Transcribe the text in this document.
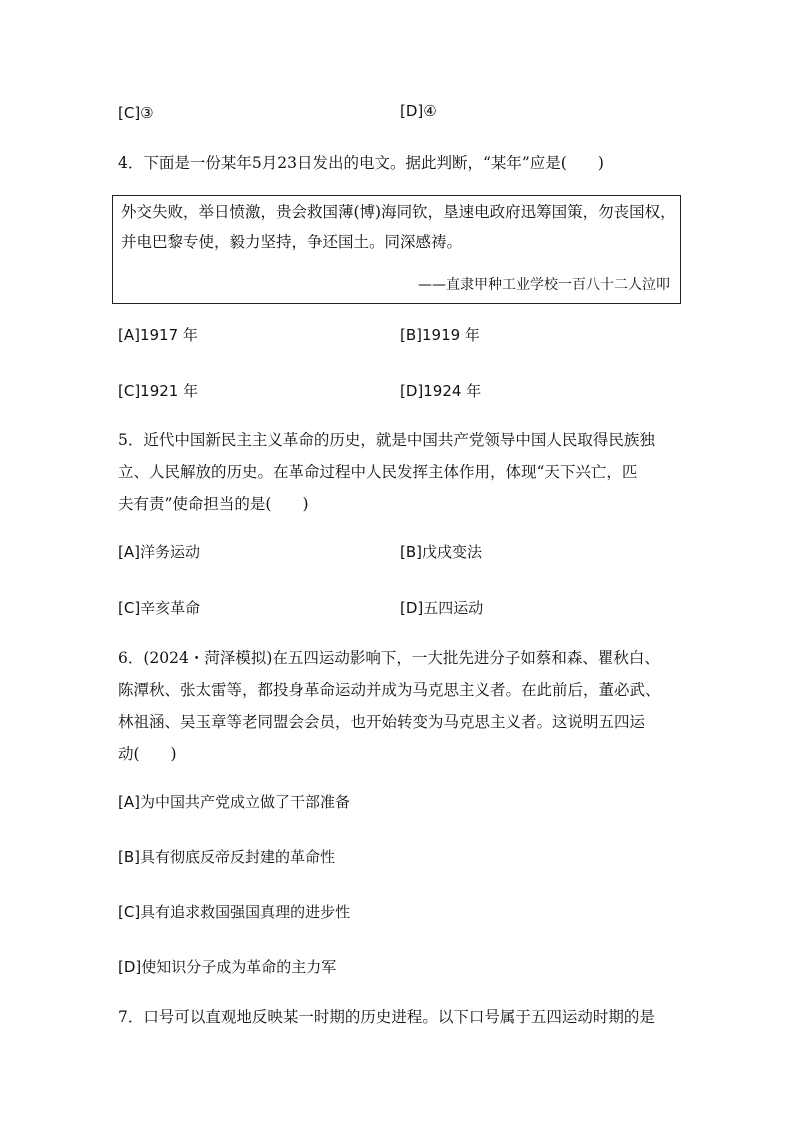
[C]③	[D]④
4．下面是一份某年5月23日发出的电文。据此判断，“某年”应是(　　)
外交失败，举日愤激，贵会救国薄(博)海同钦，垦速电政府迅筹国策，勿丧国权，
并电巴黎专使，毅力坚持，争还国土。同深感祷。
——直隶甲种工业学校一百八十二人泣叩
[A]1917 年	[B]1919 年
[C]1921 年	[D]1924 年
5．近代中国新民主主义革命的历史，就是中国共产党领导中国人民取得民族独
立、人民解放的历史。在革命过程中人民发挥主体作用，体现“天下兴亡，匹
夫有责”使命担当的是(　　)
[A]洋务运动	[B]戊戌变法
[C]辛亥革命	[D]五四运动
6．(2024・菏泽模拟)在五四运动影响下，一大批先进分子如蔡和森、瞿秋白、
陈潭秋、张太雷等，都投身革命运动并成为马克思主义者。在此前后，董必武、
林祖涵、吴玉章等老同盟会会员，也开始转变为马克思主义者。这说明五四运
动(　　)
[A]为中国共产党成立做了干部准备
[B]具有彻底反帝反封建的革命性
[C]具有追求救国强国真理的进步性
[D]使知识分子成为革命的主力军
7．口号可以直观地反映某一时期的历史进程。以下口号属于五四运动时期的是
